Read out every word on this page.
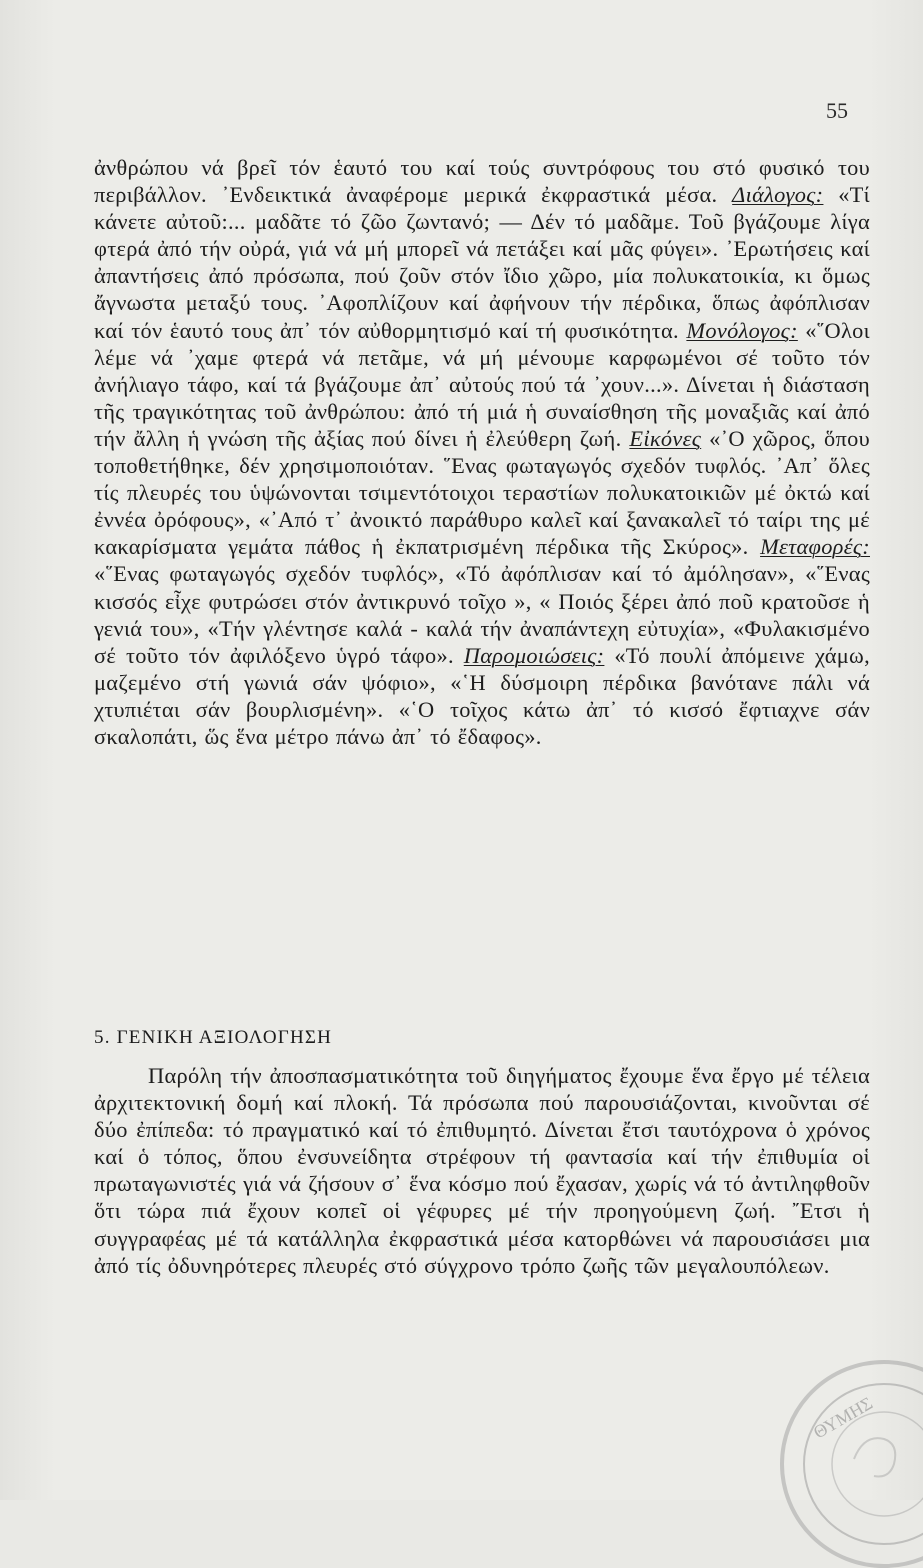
55

ἀνθρώπου νά βρεῖ τόν ἑαυτό του καί τούς συντρόφους του στό φυσικό του περιβάλλον. ᾿Ενδεικτικά ἀναφέρομε μερικά ἐκφραστικά μέσα. Διάλογος: «Τί κάνετε αὐτοῦ:... μαδᾶτε τό ζῶο ζωντανό; — Δέν τό μαδᾶμε. Τοῦ βγάζουμε λίγα φτερά ἀπό τήν οὐρά, γιά νά μή μπορεῖ νά πετάξει καί μᾶς φύγει». ᾿Ερωτήσεις καί ἀπαντήσεις ἀπό πρόσωπα, πού ζοῦν στόν ἴδιο χῶρο, μία πολυκατοικία, κι ὅμως ἄγνωστα μεταξύ τους. ᾿Αφοπλίζουν καί ἀφήνουν τήν πέρδικα, ὅπως ἀφόπλισαν καί τόν ἑαυτό τους ἀπ᾿ τόν αὐθορμητισμό καί τή φυσικότητα. Μονόλογος: «῞Ολοι λέμε νά ᾿χαμε φτερά νά πετᾶμε, νά μή μένουμε καρφωμένοι σέ τοῦτο τόν ἀνήλιαγο τάφο, καί τά βγάζουμε ἀπ᾿ αὐτούς πού τά ᾿χουν...». Δίνεται ἡ διάσταση τῆς τραγικότητας τοῦ ἀνθρώπου: ἀπό τή μιά ἡ συναίσθηση τῆς μοναξιᾶς καί ἀπό τήν ἄλλη ἡ γνώση τῆς ἀξίας πού δίνει ἡ ἐλεύθερη ζωή. Εἰκόνες «᾿Ο χῶρος, ὅπου τοποθετήθηκε, δέν χρησιμοποιόταν. ῞Ενας φωταγωγός σχεδόν τυφλός. ᾿Απ᾿ ὅλες τίς πλευρές του ὑψώνονται τσιμεντότοιχοι τεραστίων πολυκατοικιῶν μέ ὀκτώ καί ἐννέα ὀρόφους», «᾿Από τ᾿ ἀνοικτό παράθυρο καλεῖ καί ξανακαλεῖ τό ταίρι της μέ κακαρίσματα γεμάτα πάθος ἡ ἐκπατρισμένη πέρδικα τῆς Σκύρος». Μεταφορές: «῞Ενας φωταγωγός σχεδόν τυφλός», «Τό ἀφόπλισαν καί τό ἀμόλησαν», «῞Ενας κισσός εἶχε φυτρώσει στόν ἀντικρυνό τοῖχο », « Ποιός ξέρει ἀπό ποῦ κρατοῦσε ἡ γενιά του», «Τήν γλέντησε καλά - καλά τήν ἀναπάντεχη εὐτυχία», «Φυλακισμένο σέ τοῦτο τόν ἀφιλόξενο ὑγρό τάφο». Παρομοιώσεις: «Τό πουλί ἀπόμεινε χάμω, μαζεμένο στή γωνιά σάν ψόφιο», «῾Η δύσμοιρη πέρδικα βανότανε πάλι νά χτυπιέται σάν βουρλισμένη». «῾Ο τοῖχος κάτω ἀπ᾿ τό κισσό ἔφτιαχνε σάν σκαλοπάτι, ὥς ἕνα μέτρο πάνω ἀπ᾿ τό ἔδαφος».

5. ΓΕΝΙΚΗ ΑΞΙΟΛΟΓΗΣΗ

Παρόλη τήν ἀποσπασματικότητα τοῦ διηγήματος ἔχουμε ἕνα ἔργο μέ τέλεια ἀρχιτεκτονική δομή καί πλοκή. Τά πρόσωπα πού παρουσιάζονται, κινοῦνται σέ δύο ἐπίπεδα: τό πραγματικό καί τό ἐπιθυμητό. Δίνεται ἔτσι ταυτόχρονα ὁ χρόνος καί ὁ τόπος, ὅπου ἐνσυνείδητα στρέφουν τή φαντασία καί τήν ἐπιθυμία οἱ πρωταγωνιστές γιά νά ζήσουν σ᾿ ἕνα κόσμο πού ἔχασαν, χωρίς νά τό ἀντιληφθοῦν ὅτι τώρα πιά ἔχουν κοπεῖ οἱ γέφυρες μέ τήν προηγούμενη ζωή. ῎Ετσι ἡ συγγραφέας μέ τά κατάλληλα ἐκφραστικά μέσα κατορθώνει νά παρουσιάσει μια ἀπό τίς ὀδυνηρότερες πλευρές στό σύγχρονο τρόπο ζωῆς τῶν μεγαλουπόλεων.

ΘΥΜΗΣ
